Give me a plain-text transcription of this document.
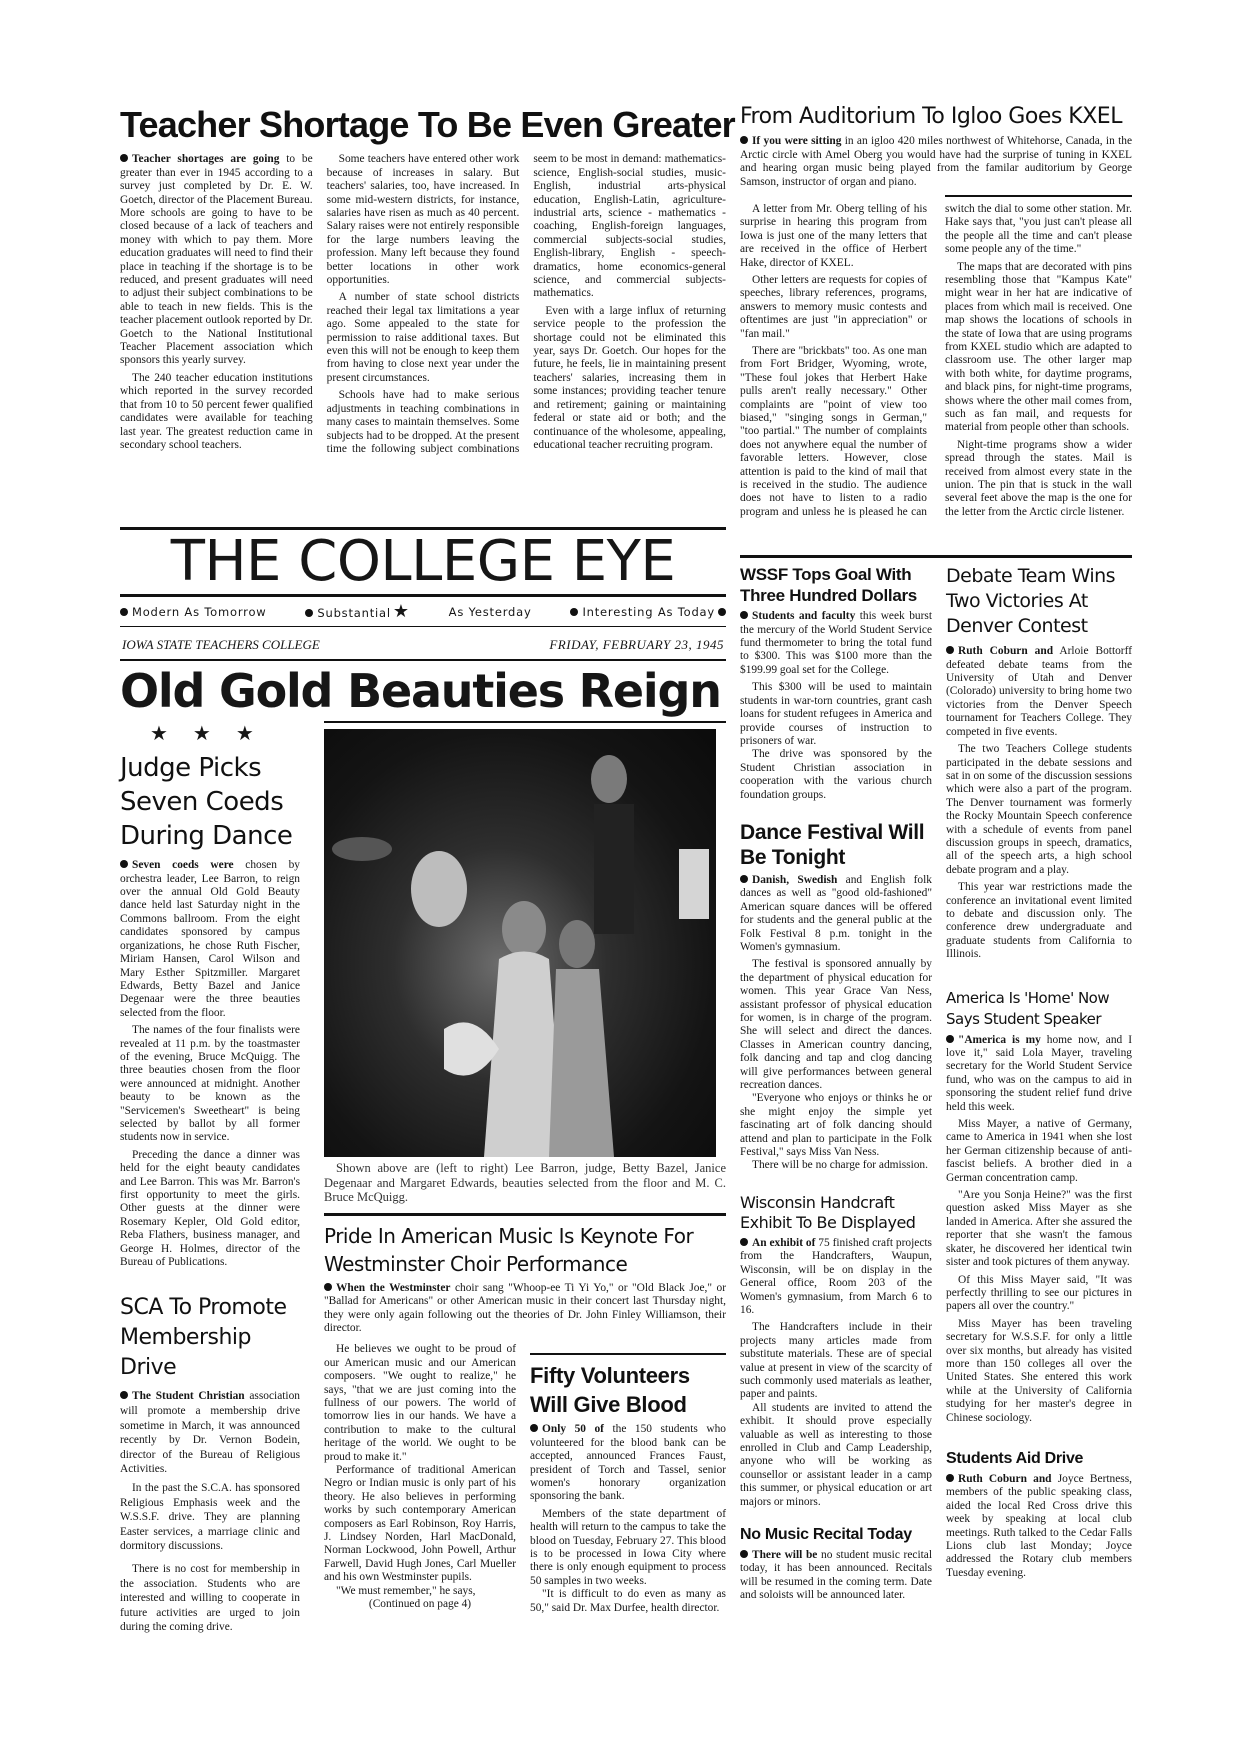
Teacher Shortage To Be Even Greater

Teacher shortages are going to be greater than ever in 1945 according to a survey just completed by Dr. E. W. Goetch, director of the Placement Bureau. More schools are going to have to be closed because of a lack of teachers and money with which to pay them. More education graduates will need to find their place in teaching if the shortage is to be reduced, and present graduates will need to adjust their subject combinations to be able to teach in new fields. This is the teacher placement outlook reported by Dr. Goetch to the National Institutional Teacher Placement association which sponsors this yearly survey.

The 240 teacher education institutions which reported in the survey recorded that from 10 to 50 percent fewer qualified candidates were available for teaching last year. The greatest reduction came in secondary school teachers.

Some teachers have entered other work because of increases in salary. But teachers' salaries, too, have increased. In some mid-western districts, for instance, salaries have risen as much as 40 percent. Salary raises were not entirely responsible for the large numbers leaving the profession. Many left because they found better locations in other work opportunities.

A number of state school districts reached their legal tax limitations a year ago. Some appealed to the state for permission to raise additional taxes. But even this will not be enough to keep them from having to close next year under the present circumstances.

Schools have had to make serious adjustments in teaching combinations in many cases to maintain themselves. Some subjects had to be dropped. At the present time the following subject combinations seem to be most in demand: mathematics-science, English-social studies, music-English, industrial arts-physical education, English-Latin, agriculture-industrial arts, science - mathematics - coaching, English-foreign languages, commercial subjects-social studies, English-library, English - speech-dramatics, home economics-general science, and commercial subjects-mathematics.

Even with a large influx of returning service people to the profession the shortage could not be eliminated this year, says Dr. Goetch. Our hopes for the future, he feels, lie in maintaining present teachers' salaries, increasing them in some instances; providing teacher tenure and retirement; gaining or maintaining federal or state aid or both; and the continuance of the wholesome, appealing, educational teacher recruiting program.

From Auditorium To Igloo Goes KXEL

If you were sitting in an igloo 420 miles northwest of Whitehorse, Canada, in the Arctic circle with Amel Oberg you would have had the surprise of tuning in KXEL and hearing organ music being played from the familar auditorium by George Samson, instructor of organ and piano.

A letter from Mr. Oberg telling of his surprise in hearing this program from Iowa is just one of the many letters that are received in the office of Herbert Hake, director of KXEL.

Other letters are requests for copies of speeches, library references, programs, answers to memory music contests and oftentimes are just "in appreciation" or "fan mail."

There are "brickbats" too. As one man from Fort Bridger, Wyoming, wrote, "These foul jokes that Herbert Hake pulls aren't really necessary." Other complaints are "point of view too biased," "singing songs in German," "too partial." The number of complaints does not anywhere equal the number of favorable letters. However, close attention is paid to the kind of mail that is received in the studio. The audience does not have to listen to a radio program and unless he is pleased he can switch the dial to some other station. Mr. Hake says that, "you just can't please all the people all the time and can't please some people any of the time."

The maps that are decorated with pins resembling those that "Kampus Kate" might wear in her hat are indicative of places from which mail is received. One map shows the locations of schools in the state of Iowa that are using programs from KXEL studio which are adapted to classroom use. The other larger map with both white, for daytime programs, and black pins, for night-time programs, shows where the other mail comes from, such as fan mail, and requests for material from people other than schools.

Night-time programs show a wider spread through the states. Mail is received from almost every state in the union. The pin that is stuck in the wall several feet above the map is the one for the letter from the Arctic circle listener.

THE COLLEGE EYE
Modern As Tomorrow	Substantial ★	As Yesterday	Interesting As Today
IOWA STATE TEACHERS COLLEGE	FRIDAY, FEBRUARY 23, 1945
Old Gold Beauties Reign
★ ★ ★
Judge Picks Seven Coeds During Dance

Seven coeds were chosen by orchestra leader, Lee Barron, to reign over the annual Old Gold Beauty dance held last Saturday night in the Commons ballroom. From the eight candidates sponsored by campus organizations, he chose Ruth Fischer, Miriam Hansen, Carol Wilson and Mary Esther Spitzmiller. Margaret Edwards, Betty Bazel and Janice Degenaar were the three beauties selected from the floor.

The names of the four finalists were revealed at 11 p.m. by the toastmaster of the evening, Bruce McQuigg. The three beauties chosen from the floor were announced at midnight. Another beauty to be known as the "Servicemen's Sweetheart" is being selected by ballot by all former students now in service.

Preceding the dance a dinner was held for the eight beauty candidates and Lee Barron. This was Mr. Barron's first opportunity to meet the girls. Other guests at the dinner were Rosemary Kepler, Old Gold editor, Reba Flathers, business manager, and George H. Holmes, director of the Bureau of Publications.

SCA To Promote Membership Drive

The Student Christian association will promote a membership drive sometime in March, it was announced recently by Dr. Vernon Bodein, director of the Bureau of Religious Activities.

In the past the S.C.A. has sponsored Religious Emphasis week and the W.S.S.F. drive. They are planning Easter services, a marriage clinic and dormitory discussions.

There is no cost for membership in the association. Students who are interested and willing to cooperate in future activities are urged to join during the coming drive.

Shown above are (left to right) Lee Barron, judge, Betty Bazel, Janice Degenaar and Margaret Edwards, beauties selected from the floor and M. C. Bruce McQuigg.
Pride In American Music Is Keynote For Westminster Choir Performance

When the Westminster choir sang "Whoop-ee Ti Yi Yo," or "Old Black Joe," or "Ballad for Americans" or other American music in their concert last Thursday night, they were only again following out the theories of Dr. John Finley Williamson, their director.

He believes we ought to be proud of our American music and our American composers. "We ought to realize," he says, "that we are just coming into the fullness of our powers. The world of tomorrow lies in our hands. We have a contribution to make to the cultural heritage of the world. We ought to be proud to make it."

Performance of traditional American Negro or Indian music is only part of his theory. He also believes in performing works by such contemporary American composers as Earl Robinson, Roy Harris, J. Lindsey Norden, Harl MacDonald, Norman Lockwood, John Powell, Arthur Farwell, David Hugh Jones, Carl Mueller and his own Westminster pupils.

"We must remember," he says,

(Continued on page 4)

Fifty Volunteers Will Give Blood

Only 50 of the 150 students who volunteered for the blood bank can be accepted, announced Frances Faust, president of Torch and Tassel, senior women's honorary organization sponsoring the bank.

Members of the state department of health will return to the campus to take the blood on Tuesday, February 27. This blood is to be processed in Iowa City where there is only enough equipment to process 50 samples in two weeks.

"It is difficult to do even as many as 50," said Dr. Max Durfee, health director.

WSSF Tops Goal With Three Hundred Dollars

Students and faculty this week burst the mercury of the World Student Service fund thermometer to bring the total fund to $300. This was $100 more than the $199.99 goal set for the College.

This $300 will be used to maintain students in war-torn countries, grant cash loans for student refugees in America and provide courses of instruction to prisoners of war.

The drive was sponsored by the Student Christian association in cooperation with the various church foundation groups.

Dance Festival Will Be Tonight

Danish, Swedish and English folk dances as well as "good old-fashioned" American square dances will be offered for students and the general public at the Folk Festival 8 p.m. tonight in the Women's gymnasium.

The festival is sponsored annually by the department of physical education for women. This year Grace Van Ness, assistant professor of physical education for women, is in charge of the program. She will select and direct the dances. Classes in American country dancing, folk dancing and tap and clog dancing will give performances between general recreation dances.

"Everyone who enjoys or thinks he or she might enjoy the simple yet fascinating art of folk dancing should attend and plan to participate in the Folk Festival," says Miss Van Ness.

There will be no charge for admission.

Wisconsin Handcraft Exhibit To Be Displayed

An exhibit of 75 finished craft projects from the Handcrafters, Waupun, Wisconsin, will be on display in the General office, Room 203 of the Women's gymnasium, from March 6 to 16.

The Handcrafters include in their projects many articles made from substitute materials. These are of special value at present in view of the scarcity of such commonly used materials as leather, paper and paints.

All students are invited to attend the exhibit. It should prove especially valuable as well as interesting to those enrolled in Club and Camp Leadership, anyone who will be working as counsellor or assistant leader in a camp this summer, or physical education or art majors or minors.

No Music Recital Today

There will be no student music recital today, it has been announced. Recitals will be resumed in the coming term. Date and soloists will be announced later.

Debate Team Wins Two Victories At Denver Contest

Ruth Coburn and Arloie Bottorff defeated debate teams from the University of Utah and Denver (Colorado) university to bring home two victories from the Denver Speech tournament for Teachers College. They competed in five events.

The two Teachers College students participated in the debate sessions and sat in on some of the discussion sessions which were also a part of the program. The Denver tournament was formerly the Rocky Mountain Speech conference with a schedule of events from panel discussion groups in speech, dramatics, all of the speech arts, a high school debate program and a play.

This year war restrictions made the conference an invitational event limited to debate and discussion only. The conference drew undergraduate and graduate students from California to Illinois.

America Is 'Home' Now Says Student Speaker

"America is my home now, and I love it," said Lola Mayer, traveling secretary for the World Student Service fund, who was on the campus to aid in sponsoring the student relief fund drive held this week.

Miss Mayer, a native of Germany, came to America in 1941 when she lost her German citizenship because of anti-fascist beliefs. A brother died in a German concentration camp.

"Are you Sonja Heine?" was the first question asked Miss Mayer as she landed in America. After she assured the reporter that she wasn't the famous skater, he discovered her identical twin sister and took pictures of them anyway.

Of this Miss Mayer said, "It was perfectly thrilling to see our pictures in papers all over the country."

Miss Mayer has been traveling secretary for W.S.S.F. for only a little over six months, but already has visited more than 150 colleges all over the United States. She entered this work while at the University of California studying for her master's degree in Chinese sociology.

Students Aid Drive

Ruth Coburn and Joyce Bertness, members of the public speaking class, aided the local Red Cross drive this week by speaking at local club meetings. Ruth talked to the Cedar Falls Lions club last Monday; Joyce addressed the Rotary club members Tuesday evening.
